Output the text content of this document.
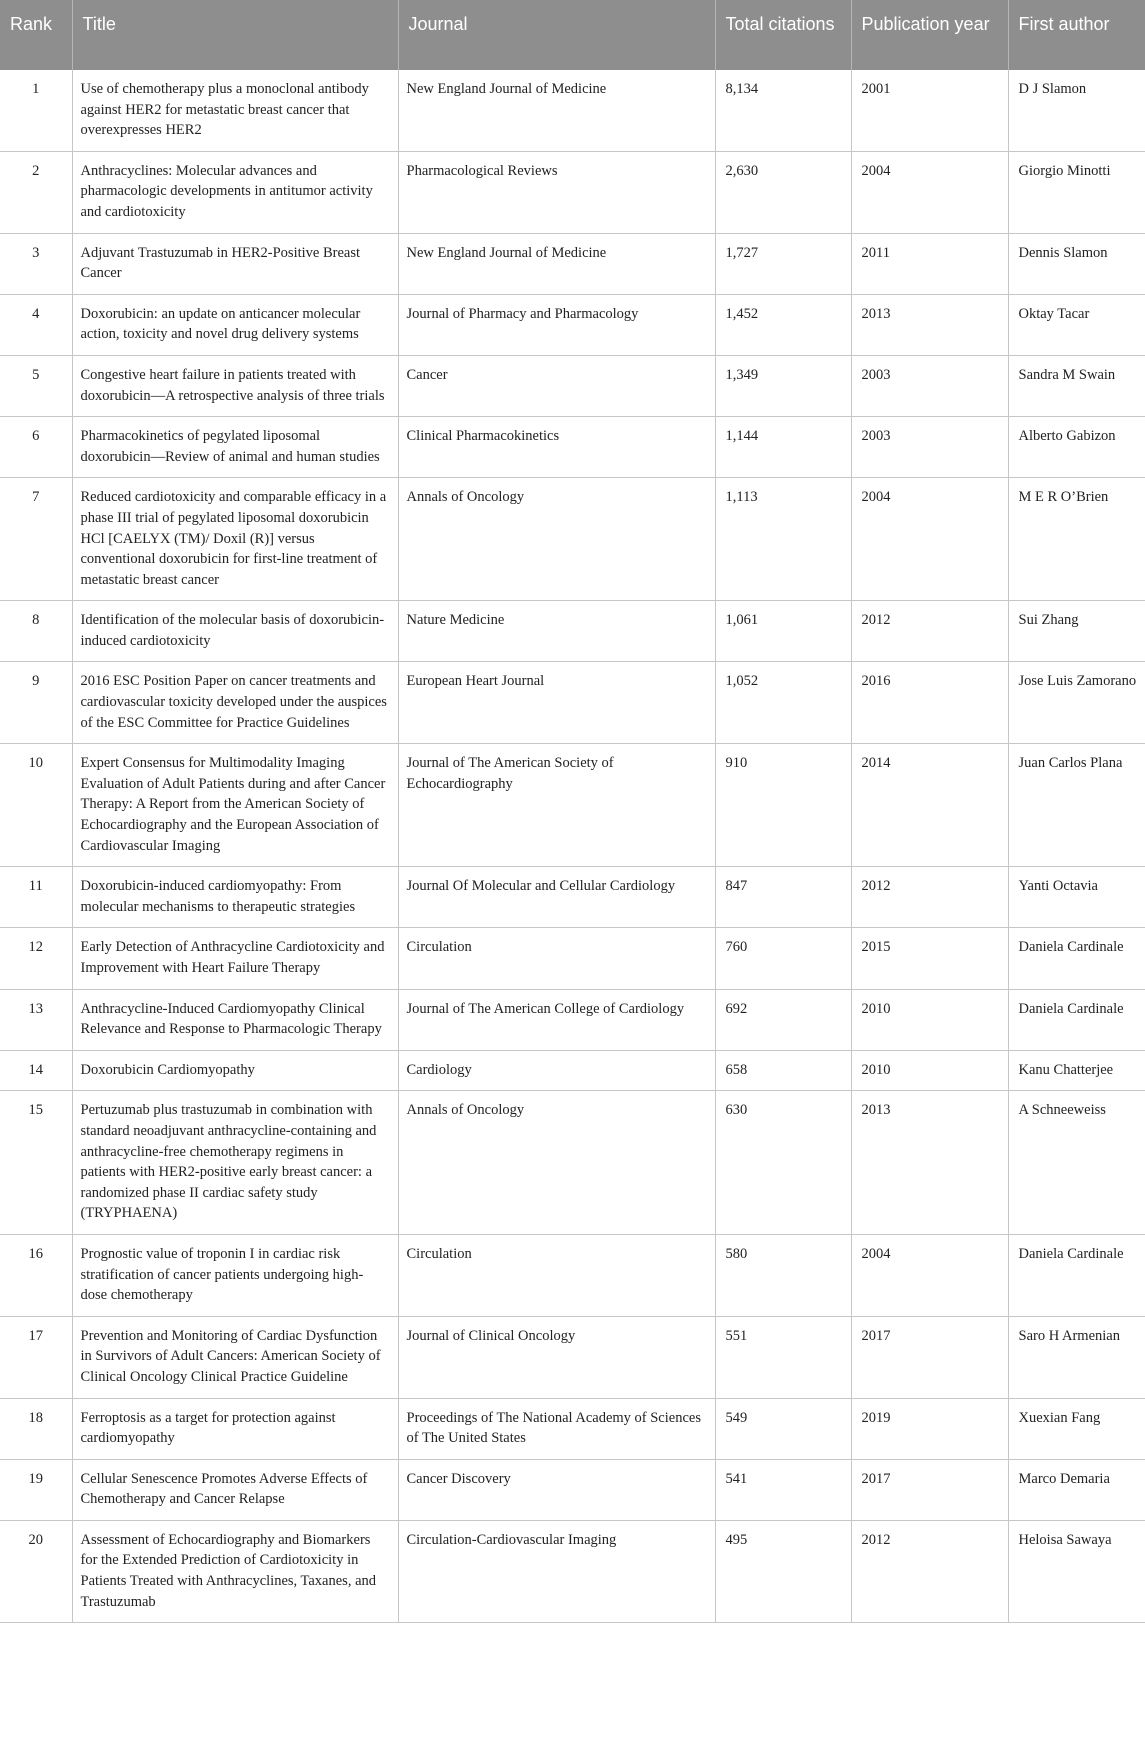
Rank	Title	Journal	Total citations	Publication year	First author
1	Use of chemotherapy plus a monoclonal antibody against HER2 for metastatic breast cancer that overexpresses HER2	New England Journal of Medicine	8,134	2001	D J Slamon
2	Anthracyclines: Molecular advances and pharmacologic developments in antitumor activity and cardiotoxicity	Pharmacological Reviews	2,630	2004	Giorgio Minotti
3	Adjuvant Trastuzumab in HER2-Positive Breast Cancer	New England Journal of Medicine	1,727	2011	Dennis Slamon
4	Doxorubicin: an update on anticancer molecular action, toxicity and novel drug delivery systems	Journal of Pharmacy and Pharmacology	1,452	2013	Oktay Tacar
5	Congestive heart failure in patients treated with doxorubicin—A retrospective analysis of three trials	Cancer	1,349	2003	Sandra M Swain
6	Pharmacokinetics of pegylated liposomal doxorubicin—Review of animal and human studies	Clinical Pharmacokinetics	1,144	2003	Alberto Gabizon
7	Reduced cardiotoxicity and comparable efficacy in a phase III trial of pegylated liposomal doxorubicin HCl [CAELYX (TM)/ Doxil (R)] versus conventional doxorubicin for first-line treatment of metastatic breast cancer	Annals of Oncology	1,113	2004	M E R O’Brien
8	Identification of the molecular basis of doxorubicin-induced cardiotoxicity	Nature Medicine	1,061	2012	Sui Zhang
9	2016 ESC Position Paper on cancer treatments and cardiovascular toxicity developed under the auspices of the ESC Committee for Practice Guidelines	European Heart Journal	1,052	2016	Jose Luis Zamorano
10	Expert Consensus for Multimodality Imaging Evaluation of Adult Patients during and after Cancer Therapy: A Report from the American Society of Echocardiography and the European Association of Cardiovascular Imaging	Journal of The American Society of Echocardiography	910	2014	Juan Carlos Plana
11	Doxorubicin-induced cardiomyopathy: From molecular mechanisms to therapeutic strategies	Journal Of Molecular and Cellular Cardiology	847	2012	Yanti Octavia
12	Early Detection of Anthracycline Cardiotoxicity and Improvement with Heart Failure Therapy	Circulation	760	2015	Daniela Cardinale
13	Anthracycline-Induced Cardiomyopathy Clinical Relevance and Response to Pharmacologic Therapy	Journal of The American College of Cardiology	692	2010	Daniela Cardinale
14	Doxorubicin Cardiomyopathy	Cardiology	658	2010	Kanu Chatterjee
15	Pertuzumab plus trastuzumab in combination with standard neoadjuvant anthracycline-containing and anthracycline-free chemotherapy regimens in patients with HER2-positive early breast cancer: a randomized phase II cardiac safety study (TRYPHAENA)	Annals of Oncology	630	2013	A Schneeweiss
16	Prognostic value of troponin I in cardiac risk stratification of cancer patients undergoing high-dose chemotherapy	Circulation	580	2004	Daniela Cardinale
17	Prevention and Monitoring of Cardiac Dysfunction in Survivors of Adult Cancers: American Society of Clinical Oncology Clinical Practice Guideline	Journal of Clinical Oncology	551	2017	Saro H Armenian
18	Ferroptosis as a target for protection against cardiomyopathy	Proceedings of The National Academy of Sciences of The United States	549	2019	Xuexian Fang
19	Cellular Senescence Promotes Adverse Effects of Chemotherapy and Cancer Relapse	Cancer Discovery	541	2017	Marco Demaria
20	Assessment of Echocardiography and Biomarkers for the Extended Prediction of Cardiotoxicity in Patients Treated with Anthracyclines, Taxanes, and Trastuzumab	Circulation-Cardiovascular Imaging	495	2012	Heloisa Sawaya
